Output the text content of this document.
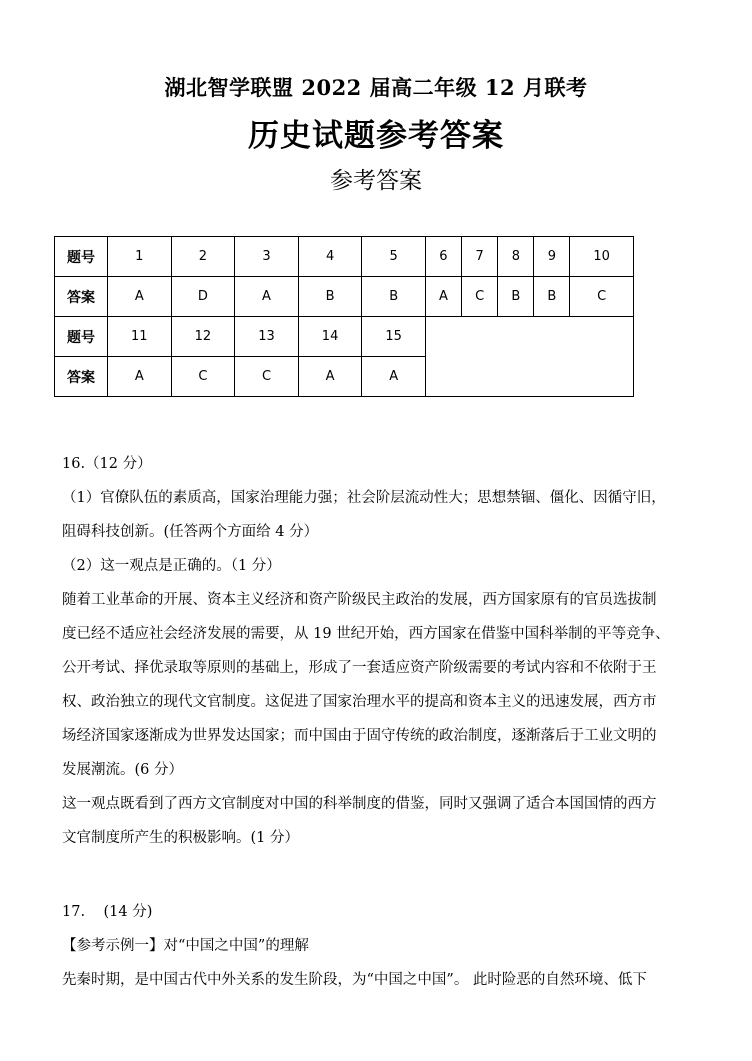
湖北智学联盟 2022 届高二年级 12 月联考
历史试题参考答案
参考答案
题号	1	2	3	4	5	6	7	8	9	10
答案	A	D	A	B	B	A	C	B	B	C
题号	11	12	13	14	15					
答案	A	C	C	A	A					

16.（12 分）

（1）官僚队伍的素质高，国家治理能力强；社会阶层流动性大；思想禁锢、僵化、因循守旧，

阻碍科技创新。(任答两个方面给 4 分）

（2）这一观点是正确的。（1 分）

随着工业革命的开展、资本主义经济和资产阶级民主政治的发展，西方国家原有的官员选拔制

度已经不适应社会经济发展的需要，从 19 世纪开始，西方国家在借鉴中国科举制的平等竞争、

公开考试、择优录取等原则的基础上，形成了一套适应资产阶级需要的考试内容和不依附于王

权、政治独立的现代文官制度。这促进了国家治理水平的提高和资本主义的迅速发展，西方市

场经济国家逐渐成为世界发达国家；而中国由于固守传统的政治制度，逐渐落后于工业文明的

发展潮流。(6 分）

这一观点既看到了西方文官制度对中国的科举制度的借鉴，同时又强调了适合本国国情的西方

文官制度所产生的积极影响。(1 分）

17.    (14 分)

【参考示例一】对“中国之中国”的理解

先秦时期，是中国古代中外关系的发生阶段，为“中国之中国”。 此时险恶的自然环境、低下
